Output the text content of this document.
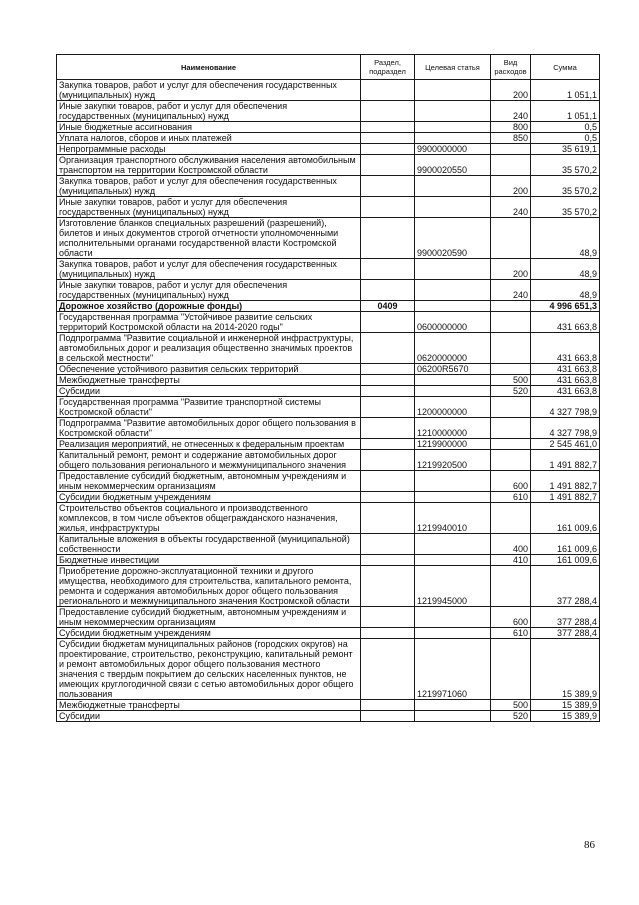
Наименование	Раздел, подраздел	Целевая статья	Вид расходов	Сумма
Закупка товаров, работ и услуг для обеспечения государственных (муниципальных) нужд			200	1 051,1
Иные закупки товаров, работ и услуг для обеспечения государственных (муниципальных) нужд			240	1 051,1
Иные бюджетные ассигнования			800	0,5
Уплата налогов, сборов и иных платежей			850	0,5
Непрограммные расходы		9900000000		35 619,1
Организация транспортного обслуживания населения автомобильным транспортом на территории Костромской области		9900020550		35 570,2
Закупка товаров, работ и услуг для обеспечения государственных (муниципальных) нужд			200	35 570,2
Иные закупки товаров, работ и услуг для обеспечения государственных (муниципальных) нужд			240	35 570,2
Изготовление бланков специальных разрешений (разрешений), билетов и иных документов строгой отчетности уполномоченными исполнительными органами государственной власти Костромской области		9900020590		48,9
Закупка товаров, работ и услуг для обеспечения государственных (муниципальных) нужд			200	48,9
Иные закупки товаров, работ и услуг для обеспечения государственных (муниципальных) нужд			240	48,9
Дорожное хозяйство (дорожные фонды)	0409			4 996 651,3
Государственная программа "Устойчивое развитие сельских территорий Костромской области на 2014-2020 годы"		0600000000		431 663,8
Подпрограмма "Развитие социальной и инженерной инфраструктуры, автомобильных дорог и реализация общественно значимых проектов в сельской местности"		0620000000		431 663,8
Обеспечение устойчивого развития сельских территорий		06200R5670		431 663,8
Межбюджетные трансферты			500	431 663,8
Субсидии			520	431 663,8
Государственная программа "Развитие транспортной системы Костромской области"		1200000000		4 327 798,9
Подпрограмма "Развитие автомобильных дорог общего пользования в Костромской области"		1210000000		4 327 798,9
Реализация мероприятий, не отнесенных к федеральным проектам		1219900000		2 545 461,0
Капитальный ремонт, ремонт и содержание автомобильных дорог общего пользования регионального и межмуниципального значения		1219920500		1 491 882,7
Предоставление субсидий бюджетным, автономным учреждениям и иным некоммерческим организациям			600	1 491 882,7
Субсидии бюджетным учреждениям			610	1 491 882,7
Строительство объектов социального и производственного комплексов, в том числе объектов общегражданского назначения, жилья, инфраструктуры		1219940010		161 009,6
Капитальные вложения в объекты государственной (муниципальной) собственности			400	161 009,6
Бюджетные инвестиции			410	161 009,6
Приобретение дорожно-эксплуатационной техники и другого имущества, необходимого для строительства, капитального ремонта, ремонта и содержания автомобильных дорог общего пользования регионального и межмуниципального значения Костромской области		1219945000		377 288,4
Предоставление субсидий бюджетным, автономным учреждениям и иным некоммерческим организациям			600	377 288,4
Субсидии бюджетным учреждениям			610	377 288,4
Субсидии бюджетам муниципальных районов (городских округов) на проектирование, строительство, реконструкцию, капитальный ремонт и ремонт автомобильных дорог общего пользования местного значения с твердым покрытием до сельских населенных пунктов, не имеющих круглогодичной связи с сетью автомобильных дорог общего пользования		1219971060		15 389,9
Межбюджетные трансферты			500	15 389,9
Субсидии			520	15 389,9
86
